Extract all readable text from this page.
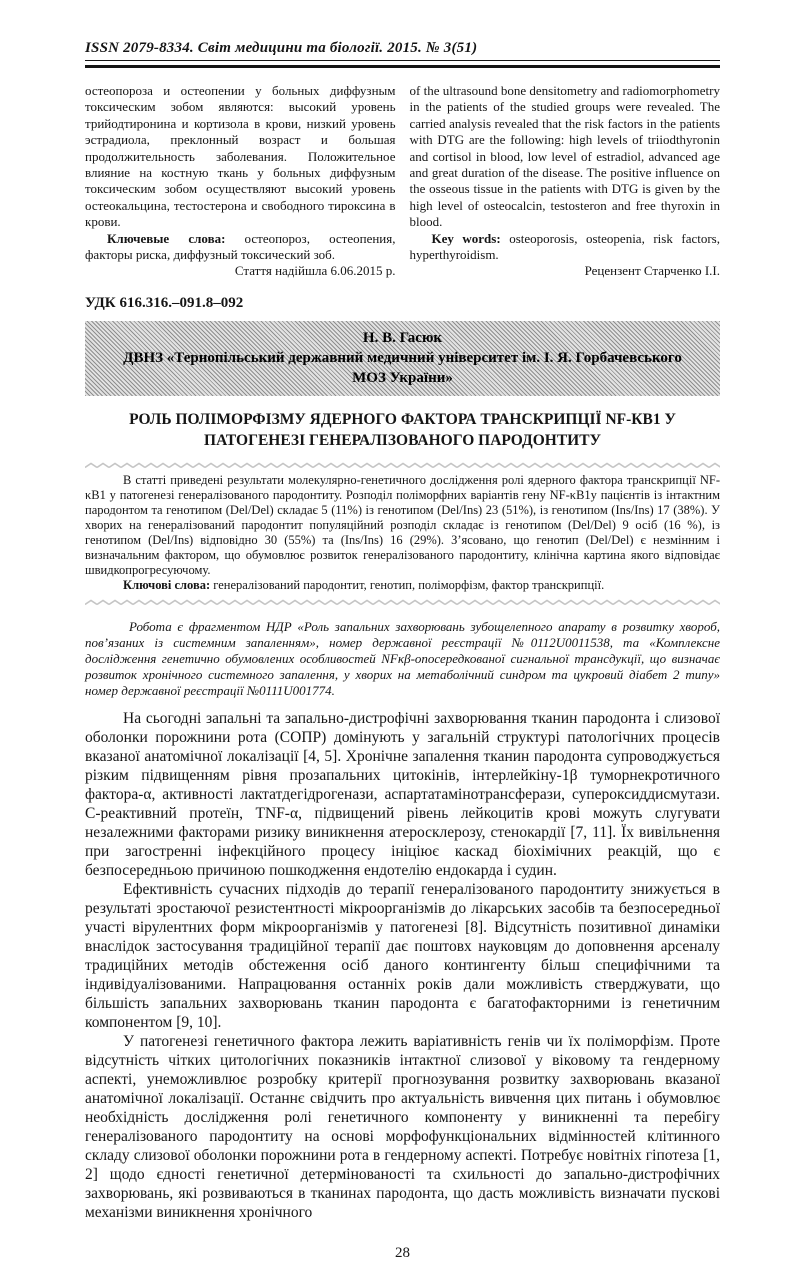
ISSN 2079-8334. Світ медицини та біології. 2015. № 3(51)

остеопороза и остеопении у больных диффузным токсическим зобом являются: высокий уровень трийодтиронина и кортизола в крови, низкий уровень эстрадиола, преклонный возраст и большая продолжительность заболевания. Положительное влияние на костную ткань у больных диффузным токсическим зобом осуществляют высокий уровень остеокальцина, тестостерона и свободного тироксина в крови.

Ключевые слова: остеопороз, остеопения, факторы риска, диффузный токсический зоб.

Стаття надійшла 6.06.2015 р.

of the ultrasound bone densitometry and radiomorphometry in the patients of the studied groups were revealed. The carried analysis revealed that the risk factors in the patients with DTG are the following: high levels of triiodthyronin and cortisol in blood, low level of estradiol, advanced age and great duration of the disease. The positive influence on the osseous tissue in the patients with DTG is given by the high level of osteocalcin, testosteron and free thyroxin in blood.

Key words: osteoporosis, osteopenia, risk factors, hyperthyroidism.

Рецензент Старченко І.І.

УДК 616.316.–091.8–092
Н. В. Гасюк
ДВНЗ «Тернопільський державний медичний університет ім. І. Я. Горбачевського МОЗ України»
РОЛЬ ПОЛІМОРФІЗМУ ЯДЕРНОГО ФАКТОРА ТРАНСКРИПЦІЇ NF-КВ1 У
ПАТОГЕНЕЗІ ГЕНЕРАЛІЗОВАНОГО ПАРОДОНТИТУ

В статті приведені результати молекулярно-генетичного дослідження ролі ядерного фактора транскрипції NF-κВ1 у патогенезі генералізованого пародонтиту. Розподіл поліморфних варіантів гену NF-κВ1у пацієнтів із інтактним пародонтом та генотипом (Del/Del) складає 5 (11%) із генотипом (Del/Ins) 23 (51%), із генотипом (Ins/Ins) 17 (38%). У хворих на генералізований пародонтит популяційний розподіл складає із генотипом (Del/Del) 9 осіб (16 %), із генотипом (Del/Ins) відповідно 30 (55%) та (Ins/Ins) 16 (29%). З’ясовано, що генотип (Del/Del) є незмінним і визначальним фактором, що обумовлює розвиток генералізованого пародонтиту, клінічна картина якого відповідає швидкопрогресуючому.

Ключові слова: генералізований пародонтит, генотип, поліморфізм, фактор транскрипції.

Робота є фрагментом НДР «Роль запальних захворювань зубощелепного апарату в розвитку хвороб, пов’язаних із системним запаленням», номер державної реєстрації №0112U0011538, та «Комплексне дослідження генетично обумовлених особливостей NFκβ-опосередкованої сигнальної трансдукції, що визначає розвиток хронічного системного запалення, у хворих на метаболічний синдром та цукровий діабет 2 типу» номер державної реєстрації №0111U001774.

На сьогодні запальні та запально-дистрофічні захворювання тканин пародонта і слизової оболонки порожнини рота (СОПР) домінують у загальній структурі патологічних процесів вказаної анатомічної локалізації [4, 5]. Хронічне запалення тканин пародонта супроводжується різким підвищенням рівня прозапальних цитокінів, інтерлейкіну-1β туморнекротичного фактора-α, активності лактатдегідрогенази, аспартатамінотрансферази, супероксиддисмутази. С-реактивний протеїн, TNF-α, підвищений рівень лейкоцитів крові можуть слугувати незалежними факторами ризику виникнення атеросклерозу, стенокардії [7, 11]. Їх вивільнення при загостренні інфекційного процесу ініціює каскад біохімічних реакцій, що є безпосередньою причиною пошкодження ендотелію ендокарда і судин.

Ефективність сучасних підходів до терапії генералізованого пародонтиту знижується в результаті зростаючої резистентності мікроорганізмів до лікарських засобів та безпосередньої участі вірулентних форм мікроорганізмів у патогенезі [8]. Відсутність позитивної динаміки внаслідок застосування традиційної терапії дає поштовх науковцям до доповнення арсеналу традиційних методів обстеження осіб даного контингенту більш специфічними та індивідуалізованими. Напрацювання останніх років дали можливість стверджувати, що більшість запальних захворювань тканин пародонта є багатофакторними із генетичним компонентом [9, 10].

У патогенезі генетичного фактора лежить варіативність генів чи їх поліморфізм. Проте відсутність чітких цитологічних показників інтактної слизової у віковому та гендерному аспекті, унеможливлює розробку критерії прогнозування розвитку захворювань вказаної анатомічної локалізації. Останнє свідчить про актуальність вивчення цих питань і обумовлює необхідність дослідження ролі генетичного компоненту у виникненні та перебігу генералізованого пародонтиту на основі морфофункціональних відмінностей клітинного складу слизової оболонки порожнини рота в гендерному аспекті. Потребує новітніх гіпотеза [1, 2] щодо єдності генетичної детермінованості та схильності до запально-дистрофічних захворювань, які розвиваються в тканинах пародонта, що дасть можливість визначати пускові механізми виникнення хронічного

28
